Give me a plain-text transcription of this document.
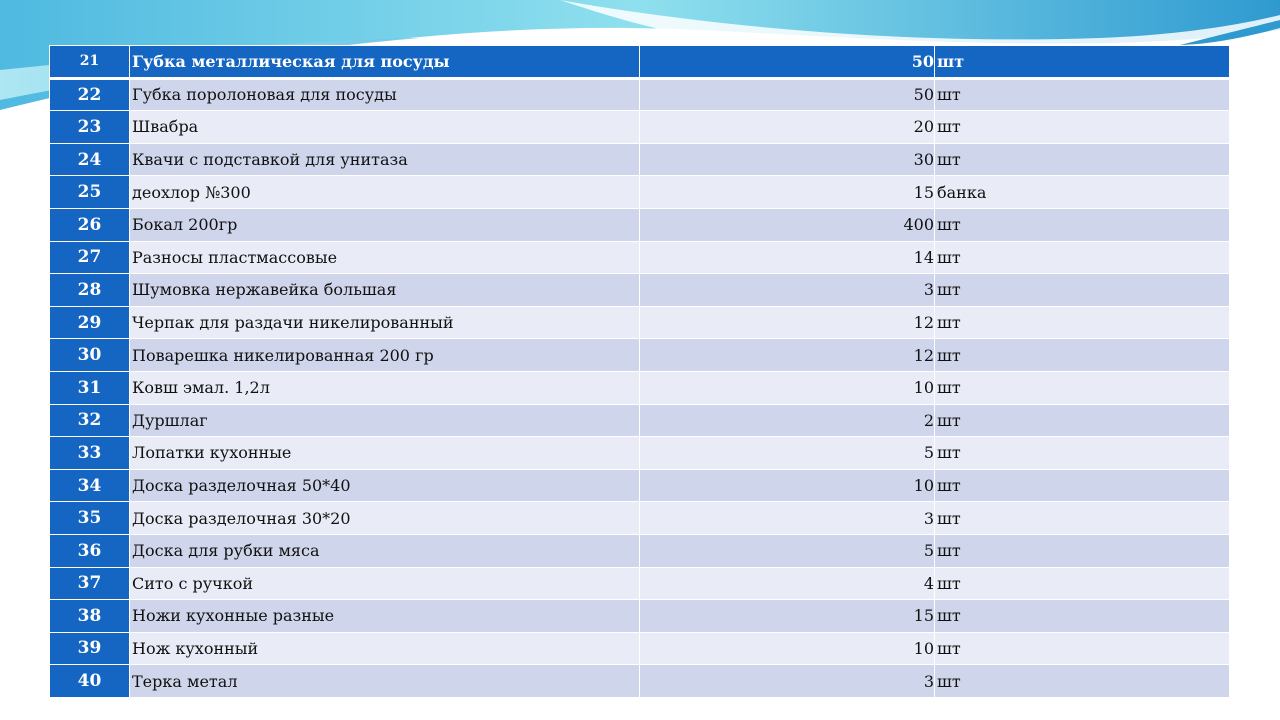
21	Губка металлическая для посуды	50	шт
22	Губка поролоновая для посуды	50	шт
23	Швабра	20	шт
24	Квачи с подставкой для унитаза	30	шт
25	деохлор №300	15	банка
26	Бокал 200гр	400	шт
27	Разносы пластмассовые	14	шт
28	Шумовка нержавейка большая	3	шт
29	Черпак для раздачи никелированный	12	шт
30	Поварешка никелированная 200 гр	12	шт
31	Ковш эмал. 1,2л	10	шт
32	Дуршлаг	2	шт
33	Лопатки кухонные	5	шт
34	Доска разделочная 50*40	10	шт
35	Доска разделочная 30*20	3	шт
36	Доска для рубки мяса	5	шт
37	Сито с ручкой	4	шт
38	Ножи кухонные разные	15	шт
39	Нож кухонный	10	шт
40	Терка метал	3	шт
